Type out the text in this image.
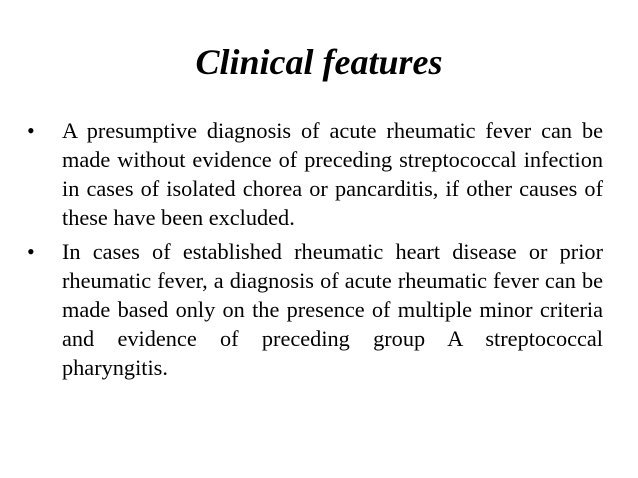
Clinical features
•	A presumptive diagnosis of acute rheumatic fever can be made without evidence of preceding streptococcal infection in cases of isolated chorea or pancarditis, if other causes of these have been excluded.
•	In cases of established rheumatic heart disease or prior rheumatic fever, a diagnosis of acute rheumatic fever can be made based only on the presence of multiple minor criteria and evidence of preceding group A streptococcal pharyngitis.
